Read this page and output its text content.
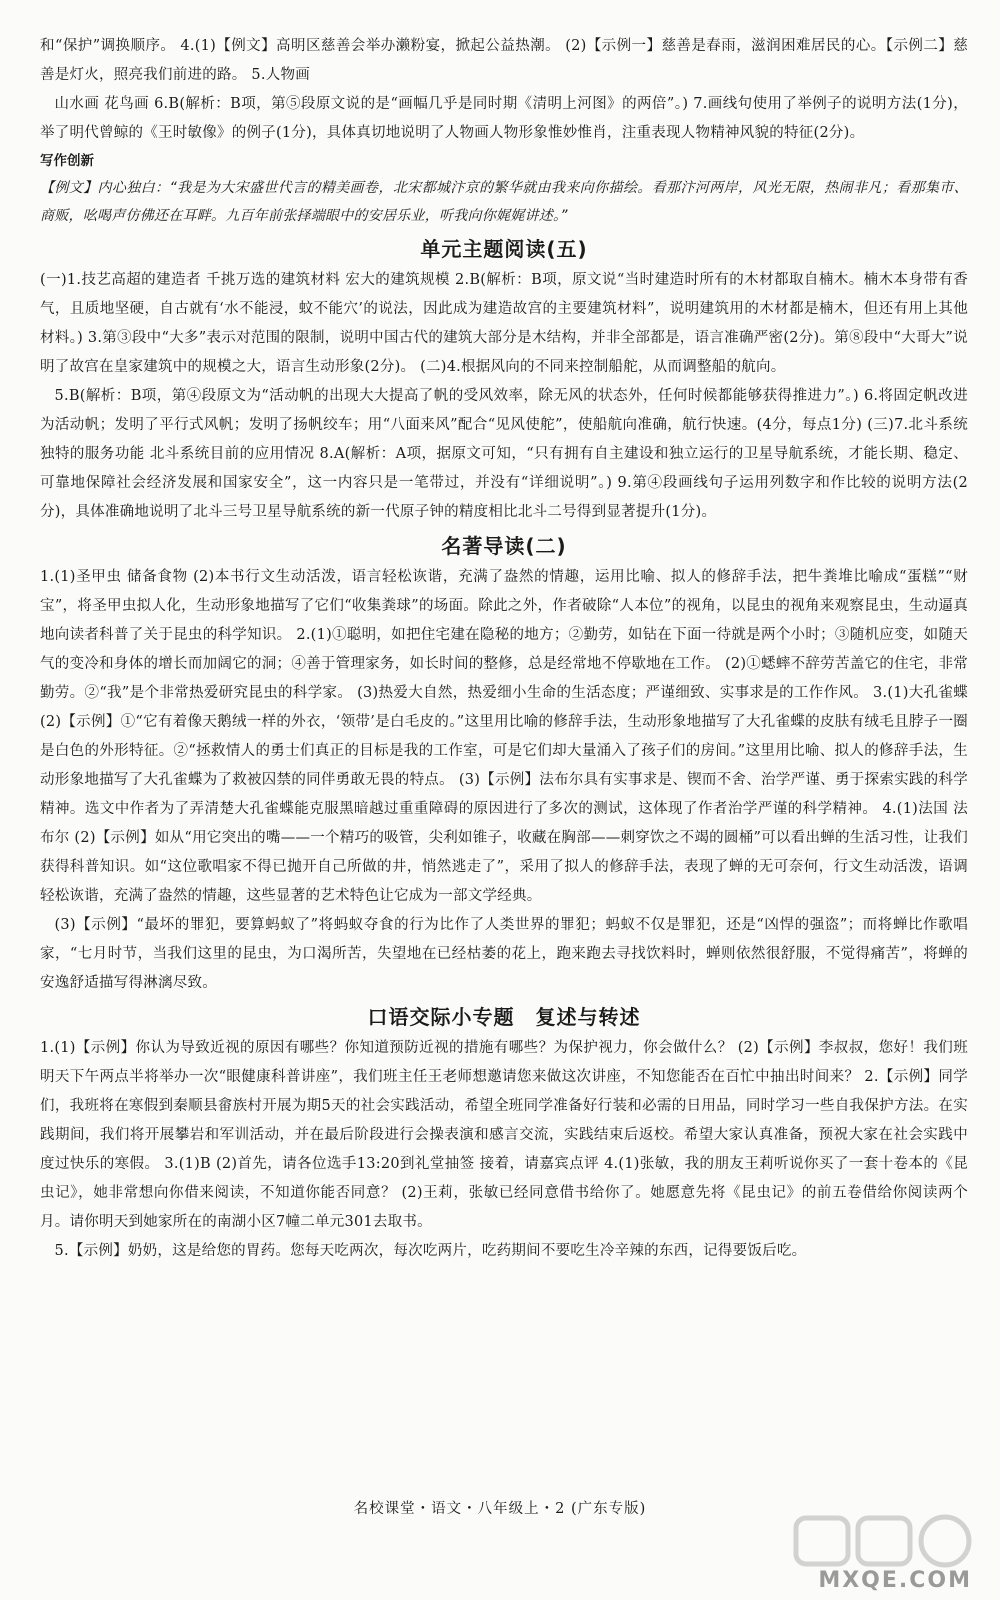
和“保护”调换顺序。 4.(1)【例文】高明区慈善会举办濑粉宴，掀起公益热潮。 (2)【示例一】慈善是春雨，滋润困难居民的心。【示例二】慈善是灯火，照亮我们前进的路。 5.人物画

山水画 花鸟画 6.B(解析：B项，第⑤段原文说的是“画幅几乎是同时期《清明上河图》的两倍”。) 7.画线句使用了举例子的说明方法(1分)，举了明代曾鲸的《王时敏像》的例子(1分)，具体真切地说明了人物画人物形象惟妙惟肖，注重表现人物精神风貌的特征(2分)。

写作创新

【例文】内心独白：“我是为大宋盛世代言的精美画卷，北宋都城汴京的繁华就由我来向你描绘。看那汴河两岸，风光无限，热闹非凡；看那集市、商贩，吆喝声仿佛还在耳畔。九百年前张择端眼中的安居乐业，听我向你娓娓讲述。”

单元主题阅读(五)

(一)1.技艺高超的建造者 千挑万选的建筑材料 宏大的建筑规模 2.B(解析：B项，原文说“当时建造时所有的木材都取自楠木。楠木本身带有香气，且质地坚硬，自古就有‘水不能浸，蚊不能穴’的说法，因此成为建造故宫的主要建筑材料”，说明建筑用的木材都是楠木，但还有用上其他材料。) 3.第③段中“大多”表示对范围的限制，说明中国古代的建筑大部分是木结构，并非全部都是，语言准确严密(2分)。第⑧段中“大哥大”说明了故宫在皇家建筑中的规模之大，语言生动形象(2分)。 (二)4.根据风向的不同来控制船舵，从而调整船的航向。

5.B(解析：B项，第④段原文为“活动帆的出现大大提高了帆的受风效率，除无风的状态外，任何时候都能够获得推进力”。) 6.将固定帆改进为活动帆；发明了平行式风帆；发明了扬帆绞车；用“八面来风”配合“见风使舵”，使船航向准确，航行快速。(4分，每点1分) (三)7.北斗系统独特的服务功能 北斗系统目前的应用情况 8.A(解析：A项，据原文可知，“只有拥有自主建设和独立运行的卫星导航系统，才能长期、稳定、可靠地保障社会经济发展和国家安全”，这一内容只是一笔带过，并没有“详细说明”。) 9.第④段画线句子运用列数字和作比较的说明方法(2分)，具体准确地说明了北斗三号卫星导航系统的新一代原子钟的精度相比北斗二号得到显著提升(1分)。

名著导读(二)

1.(1)圣甲虫 储备食物 (2)本书行文生动活泼，语言轻松诙谐，充满了盎然的情趣，运用比喻、拟人的修辞手法，把牛粪堆比喻成“蛋糕”“财宝”，将圣甲虫拟人化，生动形象地描写了它们“收集粪球”的场面。除此之外，作者破除“人本位”的视角，以昆虫的视角来观察昆虫，生动逼真地向读者科普了关于昆虫的科学知识。 2.(1)①聪明，如把住宅建在隐秘的地方；②勤劳，如钻在下面一待就是两个小时；③随机应变，如随天气的变冷和身体的增长而加阔它的洞；④善于管理家务，如长时间的整修，总是经常地不停歇地在工作。 (2)①蟋蟀不辞劳苦盖它的住宅，非常勤劳。②“我”是个非常热爱研究昆虫的科学家。 (3)热爱大自然，热爱细小生命的生活态度；严谨细致、实事求是的工作作风。 3.(1)大孔雀蝶 (2)【示例】①“它有着像天鹅绒一样的外衣，‘领带’是白毛皮的。”这里用比喻的修辞手法，生动形象地描写了大孔雀蝶的皮肤有绒毛且脖子一圈是白色的外形特征。②“拯救情人的勇士们真正的目标是我的工作室，可是它们却大量涌入了孩子们的房间。”这里用比喻、拟人的修辞手法，生动形象地描写了大孔雀蝶为了救被囚禁的同伴勇敢无畏的特点。 (3)【示例】法布尔具有实事求是、锲而不舍、治学严谨、勇于探索实践的科学精神。选文中作者为了弄清楚大孔雀蝶能克服黑暗越过重重障碍的原因进行了多次的测试，这体现了作者治学严谨的科学精神。 4.(1)法国 法布尔 (2)【示例】如从“用它突出的嘴——一个精巧的吸管，尖利如锥子，收藏在胸部——刺穿饮之不竭的圆桶”可以看出蝉的生活习性，让我们获得科普知识。如“这位歌唱家不得已抛开自己所做的井，悄然逃走了”，采用了拟人的修辞手法，表现了蝉的无可奈何，行文生动活泼，语调轻松诙谐，充满了盎然的情趣，这些显著的艺术特色让它成为一部文学经典。

(3)【示例】“最坏的罪犯，要算蚂蚁了”将蚂蚁夺食的行为比作了人类世界的罪犯；蚂蚁不仅是罪犯，还是“凶悍的强盗”；而将蝉比作歌唱家，“七月时节，当我们这里的昆虫，为口渴所苦，失望地在已经枯萎的花上，跑来跑去寻找饮料时，蝉则依然很舒服，不觉得痛苦”，将蝉的安逸舒适描写得淋漓尽致。

口语交际小专题　复述与转述

1.(1)【示例】你认为导致近视的原因有哪些？你知道预防近视的措施有哪些？为保护视力，你会做什么？ (2)【示例】李叔叔，您好！我们班明天下午两点半将举办一次“眼健康科普讲座”，我们班主任王老师想邀请您来做这次讲座，不知您能否在百忙中抽出时间来？ 2.【示例】同学们，我班将在寒假到秦顺县畲族村开展为期5天的社会实践活动，希望全班同学准备好行装和必需的日用品，同时学习一些自我保护方法。在实践期间，我们将开展攀岩和军训活动，并在最后阶段进行会操表演和感言交流，实践结束后返校。希望大家认真准备，预祝大家在社会实践中度过快乐的寒假。 3.(1)B (2)首先，请各位选手13:20到礼堂抽签 接着，请嘉宾点评 4.(1)张敏，我的朋友王莉听说你买了一套十卷本的《昆虫记》，她非常想向你借来阅读，不知道你能否同意？ (2)王莉，张敏已经同意借书给你了。她愿意先将《昆虫记》的前五卷借给你阅读两个月。请你明天到她家所在的南湖小区7幢二单元301去取书。

5.【示例】奶奶，这是给您的胃药。您每天吃两次，每次吃两片，吃药期间不要吃生冷辛辣的东西，记得要饭后吃。

名校课堂・语文・八年级上・2 (广东专版)
MXQE.COM
